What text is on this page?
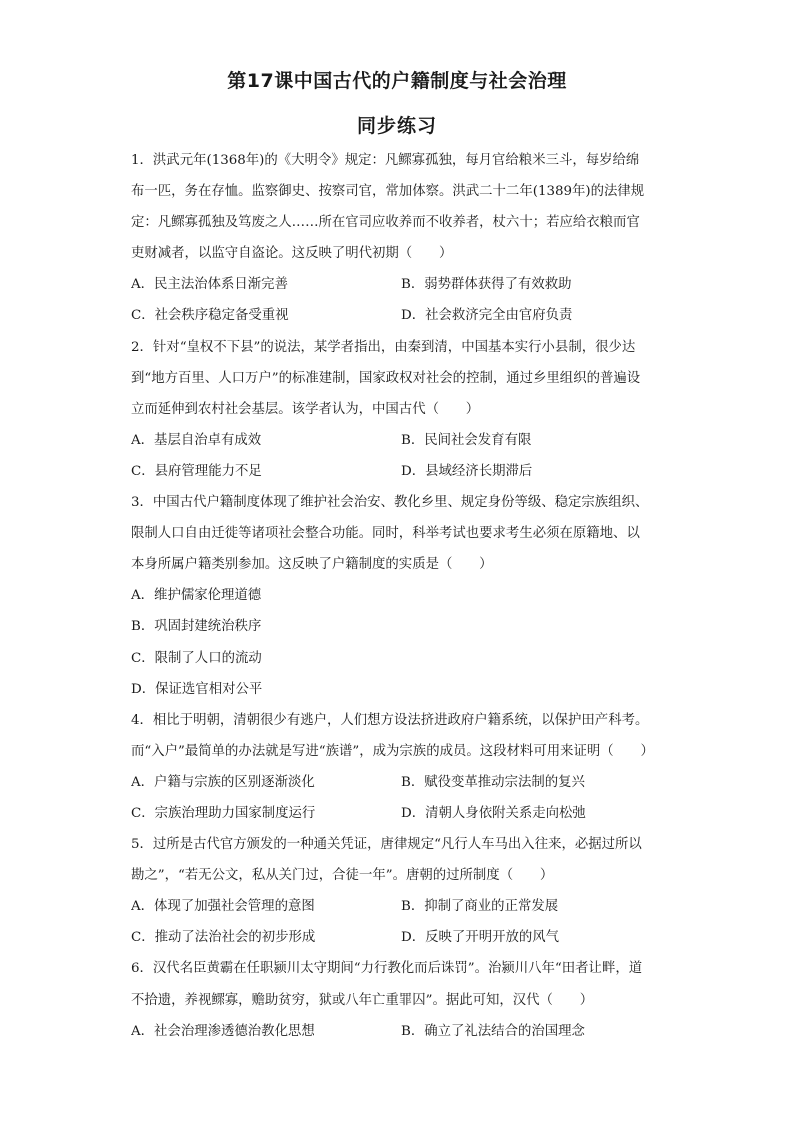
第17课中国古代的户籍制度与社会治理
同步练习
1．洪武元年(1368年)的《大明令》规定：凡鳏寡孤独，每月官给粮米三斗，每岁给绵
布一匹，务在存恤。监察御史、按察司官，常加体察。洪武二十二年(1389年)的法律规
定：凡鳏寡孤独及笃废之人……所在官司应收养而不收养者，杖六十；若应给衣粮而官
吏财减者，以监守自盗论。这反映了明代初期（　　）
A．民主法治体系日渐完善	B．弱势群体获得了有效救助
C．社会秩序稳定备受重视	D．社会救济完全由官府负责
2．针对“皇权不下县”的说法，某学者指出，由秦到清，中国基本实行小县制，很少达
到“地方百里、人口万户”的标准建制，国家政权对社会的控制，通过乡里组织的普遍设
立而延伸到农村社会基层。该学者认为，中国古代（　　）
A．基层自治卓有成效	B．民间社会发育有限
C．县府管理能力不足	D．县域经济长期滞后
3．中国古代户籍制度体现了维护社会治安、教化乡里、规定身份等级、稳定宗族组织、
限制人口自由迁徙等诸项社会整合功能。同时，科举考试也要求考生必须在原籍地、以
本身所属户籍类别参加。这反映了户籍制度的实质是（　　）
A．维护儒家伦理道德
B．巩固封建统治秩序
C．限制了人口的流动
D．保证选官相对公平
4．相比于明朝，清朝很少有逃户，人们想方设法挤进政府户籍系统，以保护田产科考。
而“入户”最简单的办法就是写进“族谱”，成为宗族的成员。这段材料可用来证明（　　）
A．户籍与宗族的区别逐渐淡化	B．赋役变革推动宗法制的复兴
C．宗族治理助力国家制度运行	D．清朝人身依附关系走向松弛
5．过所是古代官方颁发的一种通关凭证，唐律规定“凡行人车马出入往来，必据过所以
勘之”，“若无公文，私从关门过，合徒一年”。唐朝的过所制度（　　）
A．体现了加强社会管理的意图	B．抑制了商业的正常发展
C．推动了法治社会的初步形成	D．反映了开明开放的风气
6．汉代名臣黄霸在任职颍川太守期间“力行教化而后诛罚”。治颍川八年“田者让畔，道
不拾遗，养视鳏寡，赡助贫穷，狱或八年亡重罪囚”。据此可知，汉代（　　）
A．社会治理渗透德治教化思想	B．确立了礼法结合的治国理念
